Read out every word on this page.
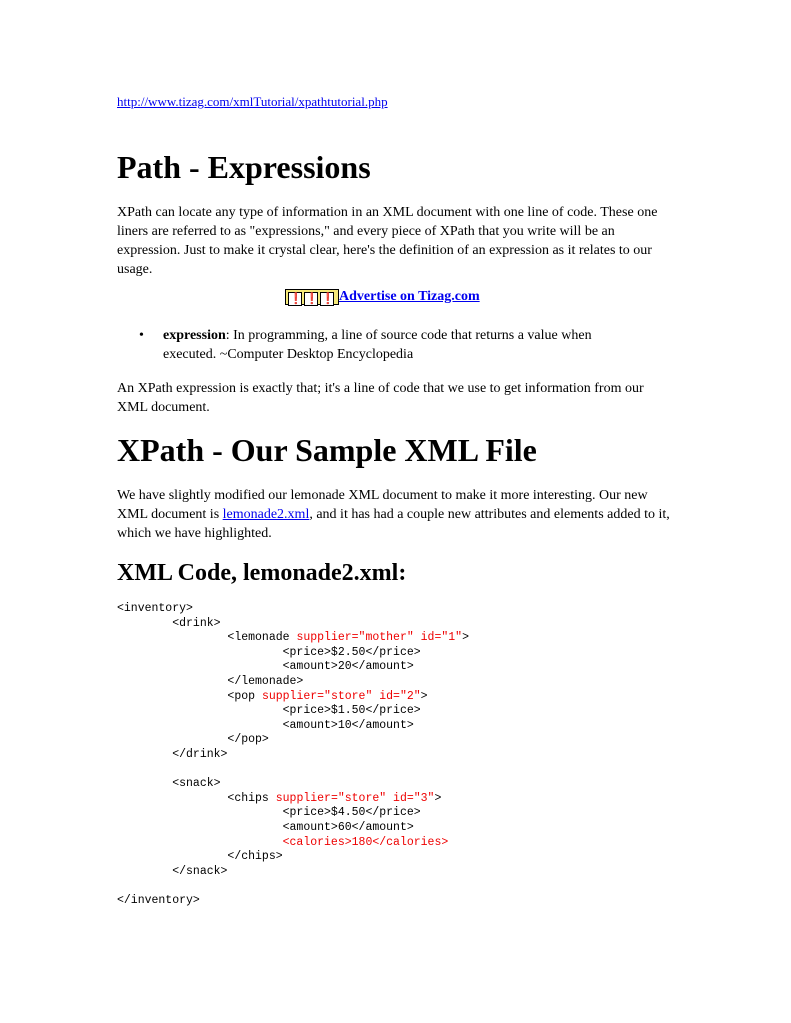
http://www.tizag.com/xmlTutorial/xpathtutorial.php
Path - Expressions

XPath can locate any type of information in an XML document with one line of code. These one liners are referred to as "expressions," and every piece of XPath that you write will be an expression. Just to make it crystal clear, here's the definition of an expression as it relates to our usage.

❗ ❗ ❗ Advertise on Tizag.com
• expression: In programming, a line of source code that returns a value when executed. ~Computer Desktop Encyclopedia

An XPath expression is exactly that; it's a line of code that we use to get information from our XML document.

XPath - Our Sample XML File

We have slightly modified our lemonade XML document to make it more interesting. Our new XML document is lemonade2.xml, and it has had a couple new attributes and elements added to it, which we have highlighted.

XML Code, lemonade2.xml:
<inventory>
<drink>
<lemonade supplier="mother" id="1">
<price>$2.50</price>
<amount>20</amount>
</lemonade>
<pop supplier="store" id="2">
<price>$1.50</price>
<amount>10</amount>
</pop>
</drink>

<snack>
<chips supplier="store" id="3">
<price>$4.50</price>
<amount>60</amount>
<calories>180</calories>
</chips>
</snack>

</inventory>
